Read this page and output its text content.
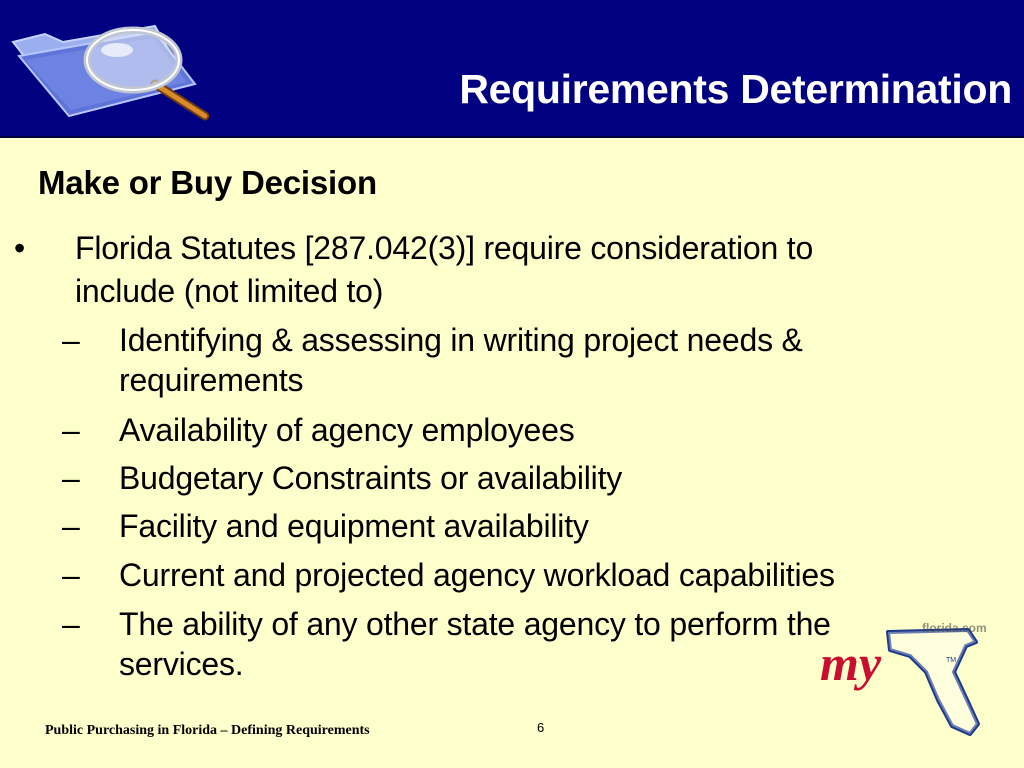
Requirements Determination
Make or Buy Decision
• Florida Statutes [287.042(3)] require consideration to
include (not limited to)
– Identifying & assessing in writing project needs &
requirements
– Availability of agency employees
– Budgetary Constraints or availability
– Facility and equipment availability
– Current and projected agency workload capabilities
– The ability of any other state agency to perform the
services.	my
florida.com
TM
Public Purchasing in Florida – Defining Requirements	6
